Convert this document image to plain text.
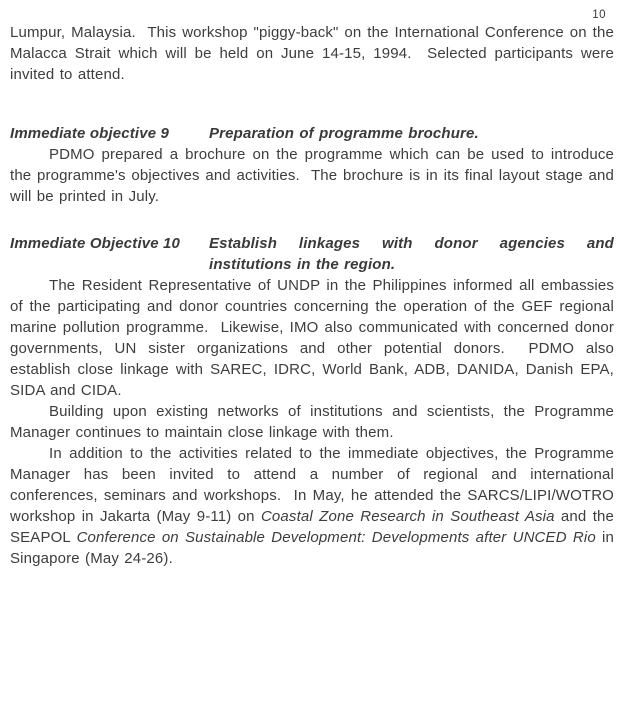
10

Lumpur, Malaysia.  This workshop "piggy-back" on the International Conference on the Malacca Strait which will be held on June 14-15, 1994.  Selected participants were invited to attend.

Immediate objective 9	Preparation of programme brochure.

PDMO prepared a brochure on the programme which can be used to introduce the programme's objectives and activities.  The brochure is in its final layout stage and will be printed in July.

Immediate Objective 10	Establish linkages with donor agencies and institutions in the region.

The Resident Representative of UNDP in the Philippines informed all embassies of the participating and donor countries concerning the operation of the GEF regional marine pollution programme.  Likewise, IMO also communicated with concerned donor governments, UN sister organizations and other potential donors.  PDMO also establish close linkage with SAREC, IDRC, World Bank, ADB, DANIDA, Danish EPA, SIDA and CIDA.

Building upon existing networks of institutions and scientists, the Programme Manager continues to maintain close linkage with them.

In addition to the activities related to the immediate objectives, the Programme Manager has been invited to attend a number of regional and international conferences, seminars and workshops.  In May, he attended the SARCS/LIPI/WOTRO workshop in Jakarta (May 9-11) on Coastal Zone Research in Southeast Asia and the SEAPOL Conference on Sustainable Development: Developments after UNCED Rio in Singapore (May 24-26).
